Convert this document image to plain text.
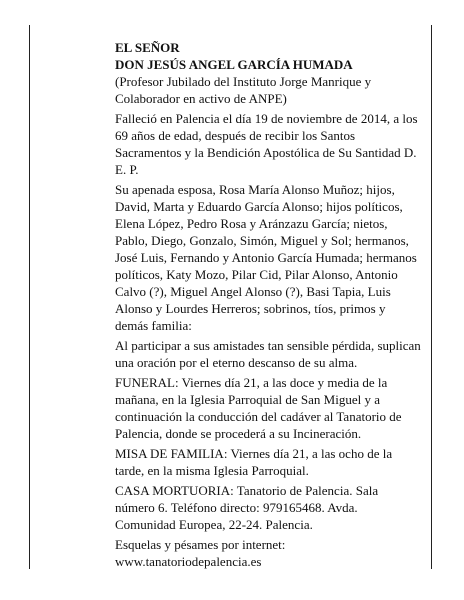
EL SEÑOR
DON JESÚS ANGEL GARCÍA HUMADA

(Profesor Jubilado del Instituto Jorge Manrique y Colaborador en activo de ANPE)

Falleció en Palencia el día 19 de noviembre de 2014, a los 69 años de edad, después de recibir los Santos Sacramentos y la Bendición Apostólica de Su Santidad D. E. P.

Su apenada esposa, Rosa María Alonso Muñoz; hijos, David, Marta y Eduardo García Alonso; hijos políticos, Elena López, Pedro Rosa y Aránzazu García; nietos, Pablo, Diego, Gonzalo, Simón, Miguel y Sol; hermanos, José Luis, Fernando y Antonio García Humada; hermanos políticos, Katy Mozo, Pilar Cid, Pilar Alonso, Antonio Calvo (?), Miguel Angel Alonso (?), Basi Tapia, Luis Alonso y Lourdes Herreros; sobrinos, tíos, primos y demás familia:

Al participar a sus amistades tan sensible pérdida, suplican una oración por el eterno descanso de su alma.

FUNERAL: Viernes día 21, a las doce y media de la mañana, en la Iglesia Parroquial de San Miguel y a continuación la conducción del cadáver al Tanatorio de Palencia, donde se procederá a su Incineración.

MISA DE FAMILIA: Viernes día 21, a las ocho de la tarde, en la misma Iglesia Parroquial.

CASA MORTUORIA: Tanatorio de Palencia. Sala número 6. Teléfono directo: 979165468. Avda. Comunidad Europea, 22-24. Palencia.

Esquelas y pésames por internet:
www.tanatoriodepalencia.es
